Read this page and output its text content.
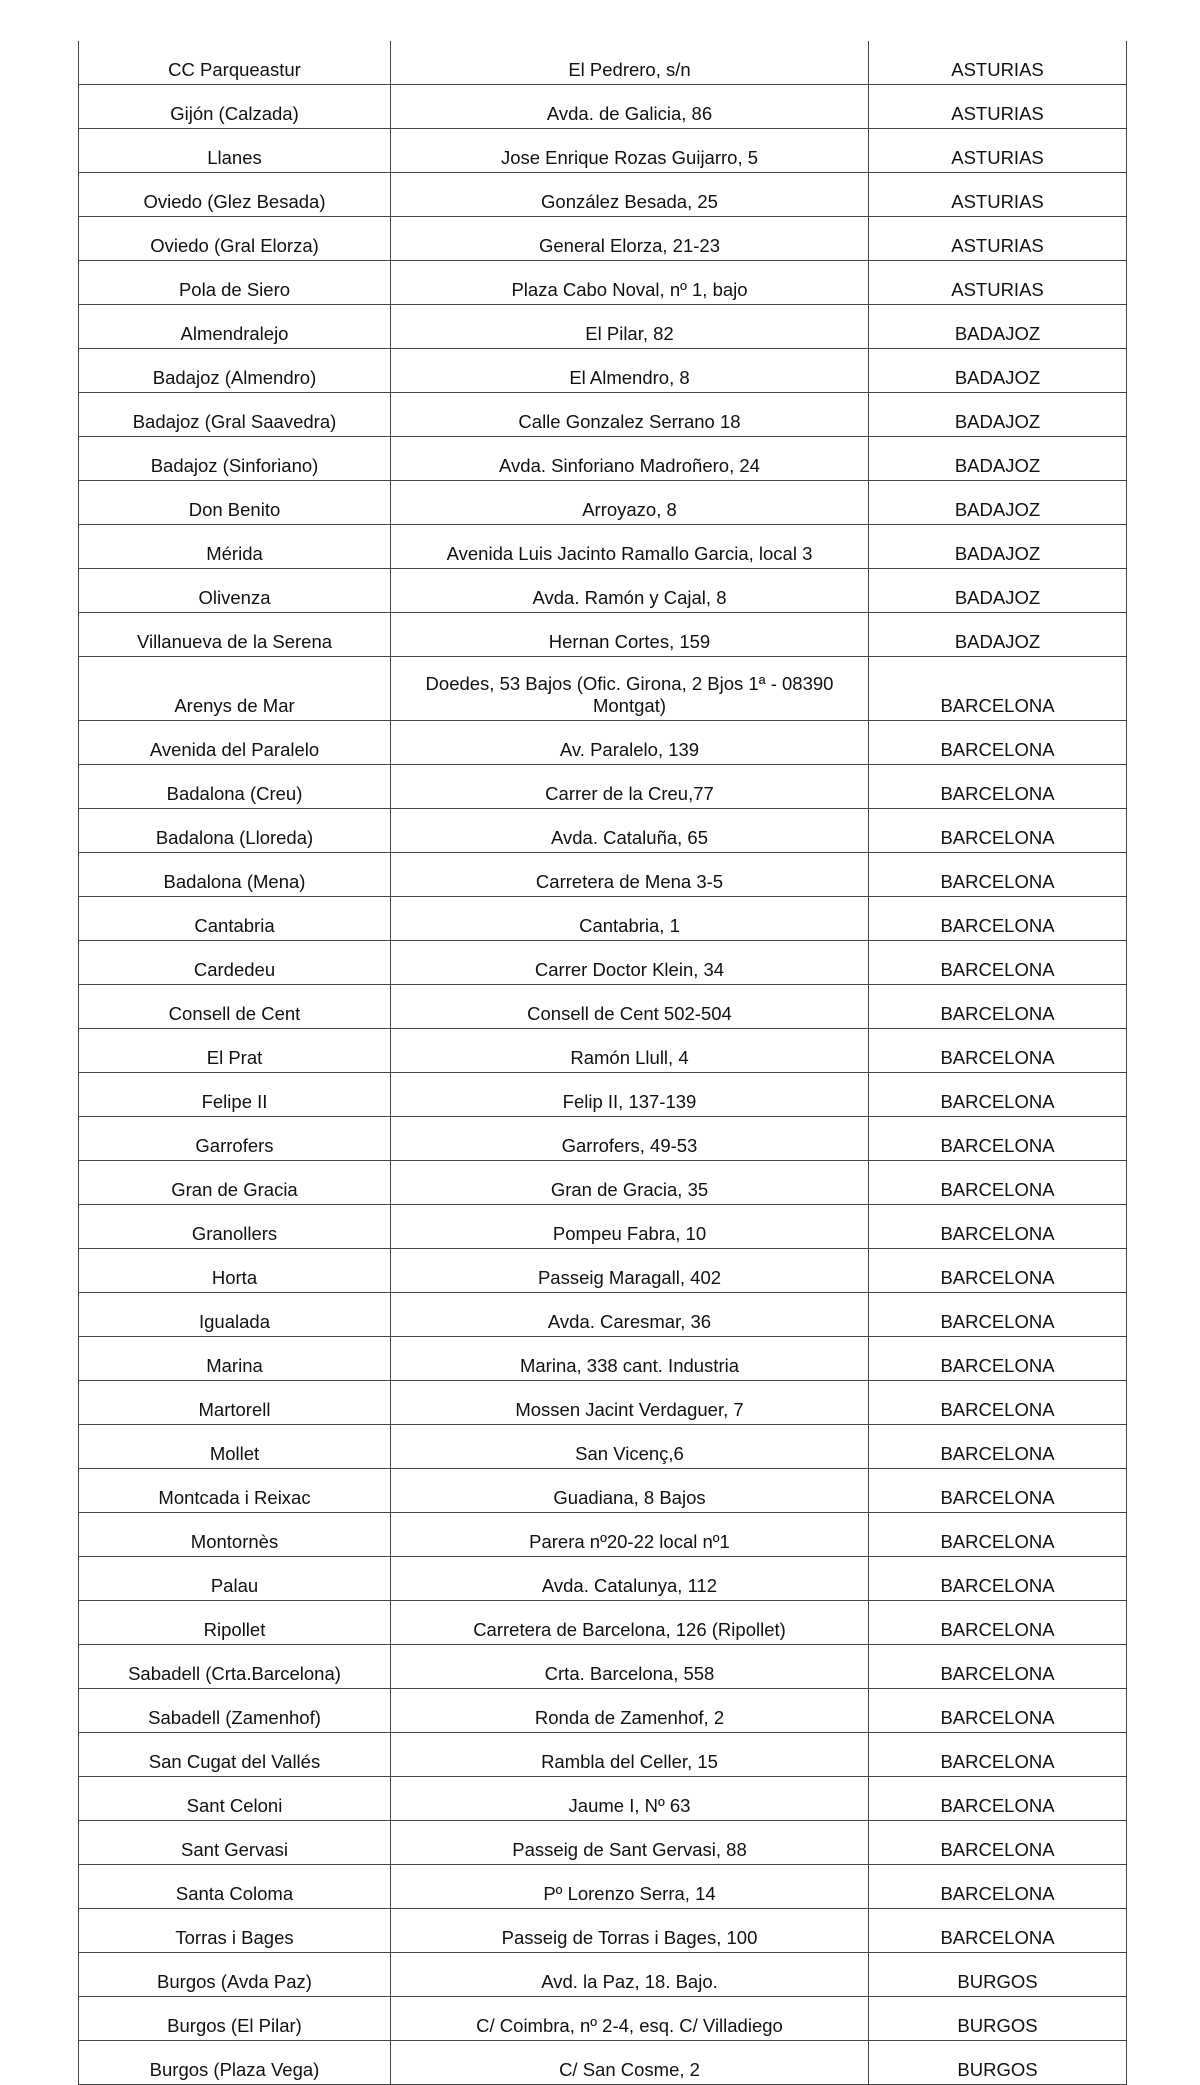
CC Parqueastur	El Pedrero, s/n	ASTURIAS
Gijón (Calzada)	Avda. de Galicia, 86	ASTURIAS
Llanes	Jose Enrique Rozas Guijarro, 5	ASTURIAS
Oviedo (Glez Besada)	González Besada, 25	ASTURIAS
Oviedo (Gral Elorza)	General Elorza, 21-23	ASTURIAS
Pola de Siero	Plaza Cabo Noval, nº 1, bajo	ASTURIAS
Almendralejo	El Pilar, 82	BADAJOZ
Badajoz (Almendro)	El Almendro, 8	BADAJOZ
Badajoz (Gral Saavedra)	Calle Gonzalez Serrano 18	BADAJOZ
Badajoz (Sinforiano)	Avda. Sinforiano Madroñero, 24	BADAJOZ
Don Benito	Arroyazo, 8	BADAJOZ
Mérida	Avenida Luis Jacinto Ramallo Garcia, local 3	BADAJOZ
Olivenza	Avda. Ramón y Cajal, 8	BADAJOZ
Villanueva de la Serena	Hernan Cortes, 159	BADAJOZ
Arenys de Mar	Doedes, 53 Bajos (Ofic. Girona, 2 Bjos 1ª - 08390 Montgat)	BARCELONA
Avenida del Paralelo	Av. Paralelo, 139	BARCELONA
Badalona (Creu)	Carrer de la Creu,77	BARCELONA
Badalona (Lloreda)	Avda. Cataluña, 65	BARCELONA
Badalona (Mena)	Carretera de Mena 3-5	BARCELONA
Cantabria	Cantabria, 1	BARCELONA
Cardedeu	Carrer Doctor Klein, 34	BARCELONA
Consell de Cent	Consell de Cent 502-504	BARCELONA
El Prat	Ramón Llull, 4	BARCELONA
Felipe II	Felip II, 137-139	BARCELONA
Garrofers	Garrofers, 49-53	BARCELONA
Gran de Gracia	Gran de Gracia, 35	BARCELONA
Granollers	Pompeu Fabra, 10	BARCELONA
Horta	Passeig Maragall, 402	BARCELONA
Igualada	Avda. Caresmar, 36	BARCELONA
Marina	Marina, 338 cant. Industria	BARCELONA
Martorell	Mossen Jacint Verdaguer, 7	BARCELONA
Mollet	San Vicenç,6	BARCELONA
Montcada i Reixac	Guadiana, 8 Bajos	BARCELONA
Montornès	Parera nº20-22 local nº1	BARCELONA
Palau	Avda. Catalunya, 112	BARCELONA
Ripollet	Carretera de Barcelona, 126 (Ripollet)	BARCELONA
Sabadell (Crta.Barcelona)	Crta. Barcelona, 558	BARCELONA
Sabadell (Zamenhof)	Ronda de Zamenhof, 2	BARCELONA
San Cugat del Vallés	Rambla del Celler, 15	BARCELONA
Sant Celoni	Jaume I, Nº 63	BARCELONA
Sant Gervasi	Passeig de Sant Gervasi, 88	BARCELONA
Santa Coloma	Pº Lorenzo Serra, 14	BARCELONA
Torras i Bages	Passeig de Torras i Bages, 100	BARCELONA
Burgos (Avda Paz)	Avd. la Paz, 18. Bajo.	BURGOS
Burgos (El Pilar)	C/ Coimbra, nº 2-4, esq. C/ Villadiego	BURGOS
Burgos (Plaza Vega)	C/ San Cosme, 2	BURGOS
